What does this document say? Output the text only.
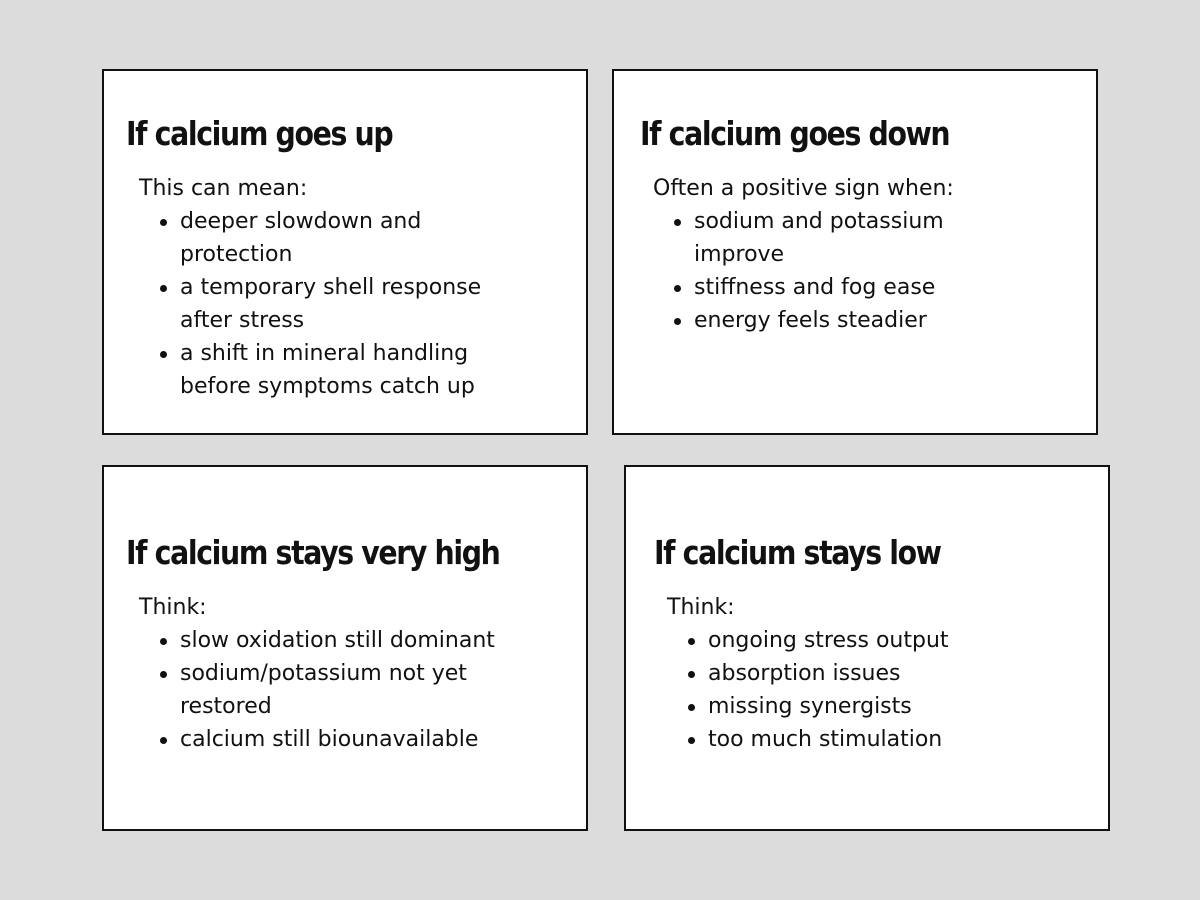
If calcium goes up

This can mean:

deeper slowdown and protection
a temporary shell response after stress
a shift in mineral handling before symptoms catch up
If calcium goes down

Often a positive sign when:

sodium and potassium improve
stiffness and fog ease
energy feels steadier
If calcium stays very high

Think:

slow oxidation still dominant
sodium/potassium not yet restored
calcium still biounavailable
If calcium stays low

Think:

ongoing stress output
absorption issues
missing synergists
too much stimulation
